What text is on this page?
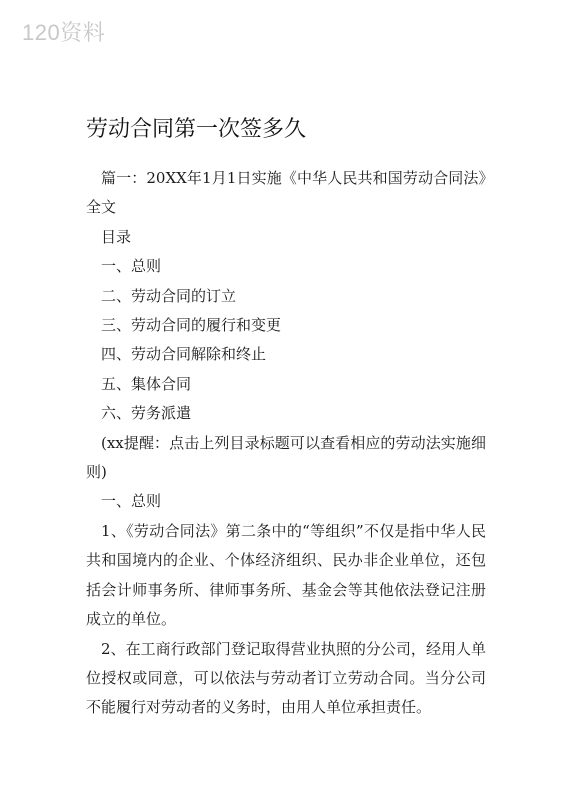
120资料
劳动合同第一次签多久

篇一：20XX年1月1日实施《中华人民共和国劳动合同法》全文

目录

一、总则

二、劳动合同的订立

三、劳动合同的履行和变更

四、劳动合同解除和终止

五、集体合同

六、劳务派遣

(xx提醒：点击上列目录标题可以查看相应的劳动法实施细则)

一、总则

1、《劳动合同法》第二条中的“等组织”不仅是指中华人民共和国境内的企业、个体经济组织、民办非企业单位，还包括会计师事务所、律师事务所、基金会等其他依法登记注册成立的单位。

2、在工商行政部门登记取得营业执照的分公司，经用人单位授权或同意，可以依法与劳动者订立劳动合同。当分公司不能履行对劳动者的义务时，由用人单位承担责任。
